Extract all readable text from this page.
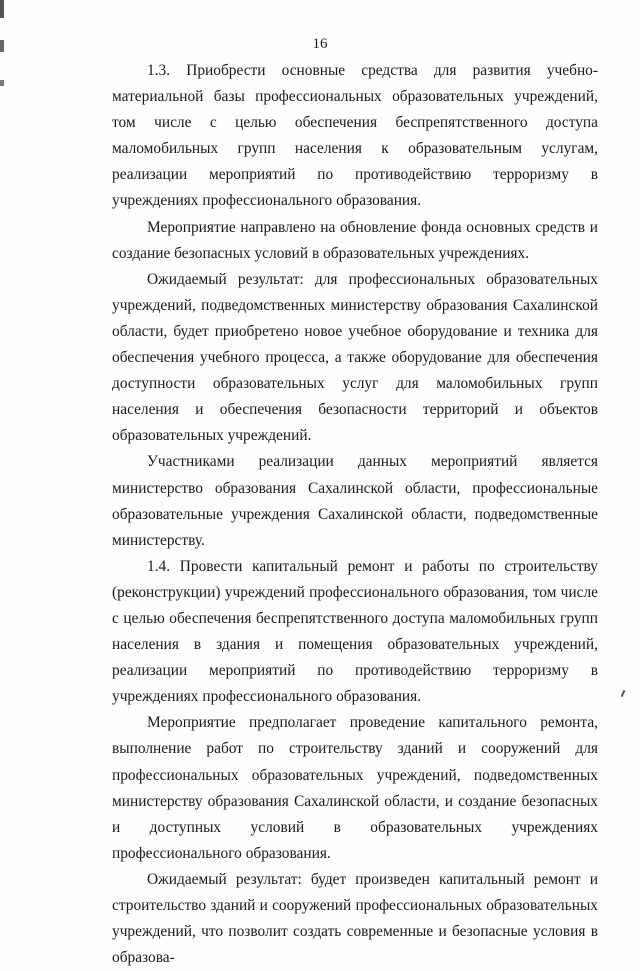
16

1.3. Приобрести основные средства для развития учебно-материальной базы профессиональных образовательных учреждений, том числе с целью обеспечения беспрепятственного доступа маломобильных групп населения к образовательным услугам, реализации мероприятий по противодействию терроризму в учреждениях профессионального образования.

Мероприятие направлено на обновление фонда основных средств и создание безопасных условий в образовательных учреждениях.

Ожидаемый результат: для профессиональных образовательных учреждений, подведомственных министерству образования Сахалинской области, будет приобретено новое учебное оборудование и техника для обеспечения учебного процесса, а также оборудование для обеспечения доступности образовательных услуг для маломобильных групп населения и обеспечения безопасности территорий и объектов образовательных учреждений.

Участниками реализации данных мероприятий является министерство образования Сахалинской области, профессиональные образовательные учреждения Сахалинской области, подведомственные министерству.

1.4. Провести капитальный ремонт и работы по строительству (реконструкции) учреждений профессионального образования, том числе с целью обеспечения беспрепятственного доступа маломобильных групп населения в здания и помещения образовательных учреждений, реализации мероприятий по противодействию терроризму в учреждениях профессионального образования.

Мероприятие предполагает проведение капитального ремонта, выполнение работ по строительству зданий и сооружений для профессиональных образовательных учреждений, подведомственных министерству образования Сахалинской области, и создание безопасных и доступных условий в образовательных учреждениях профессионального образования.

Ожидаемый результат: будет произведен капитальный ремонт и строительство зданий и сооружений профессиональных образовательных учреждений, что позволит создать современные и безопасные условия в образова-
